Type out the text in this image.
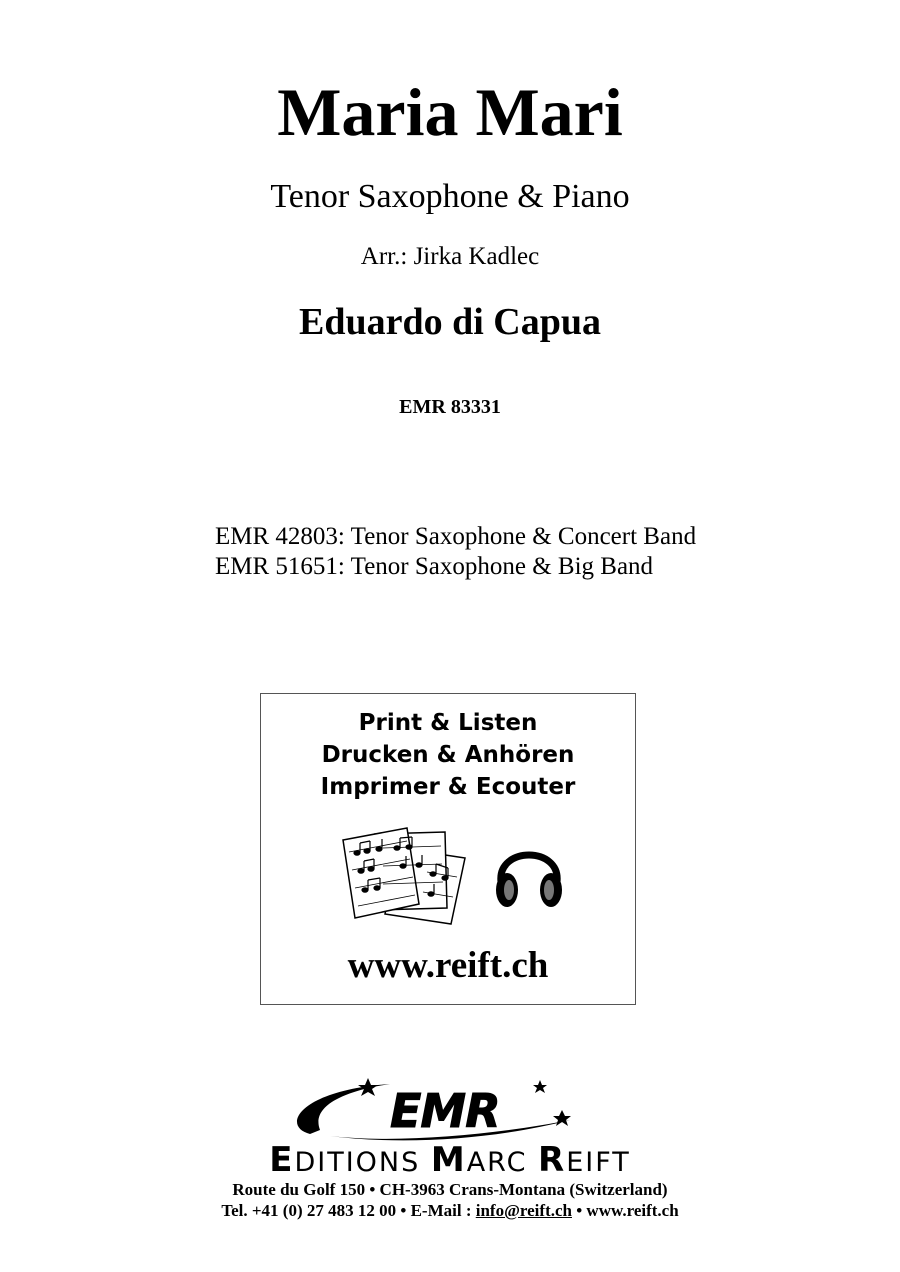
Maria Mari
Tenor Saxophone & Piano
Arr.: Jirka Kadlec
Eduardo di Capua
EMR 83331
EMR 42803: Tenor Saxophone & Concert Band
EMR 51651: Tenor Saxophone & Big Band
Print & Listen
Drucken & Anhören
Imprimer & Ecouter
www.reift.ch
EMR
EDITIONS MARC REIFT
Route du Golf 150 • CH-3963 Crans-Montana (Switzerland)
Tel. +41 (0) 27 483 12 00 • E-Mail : info@reift.ch • www.reift.ch
